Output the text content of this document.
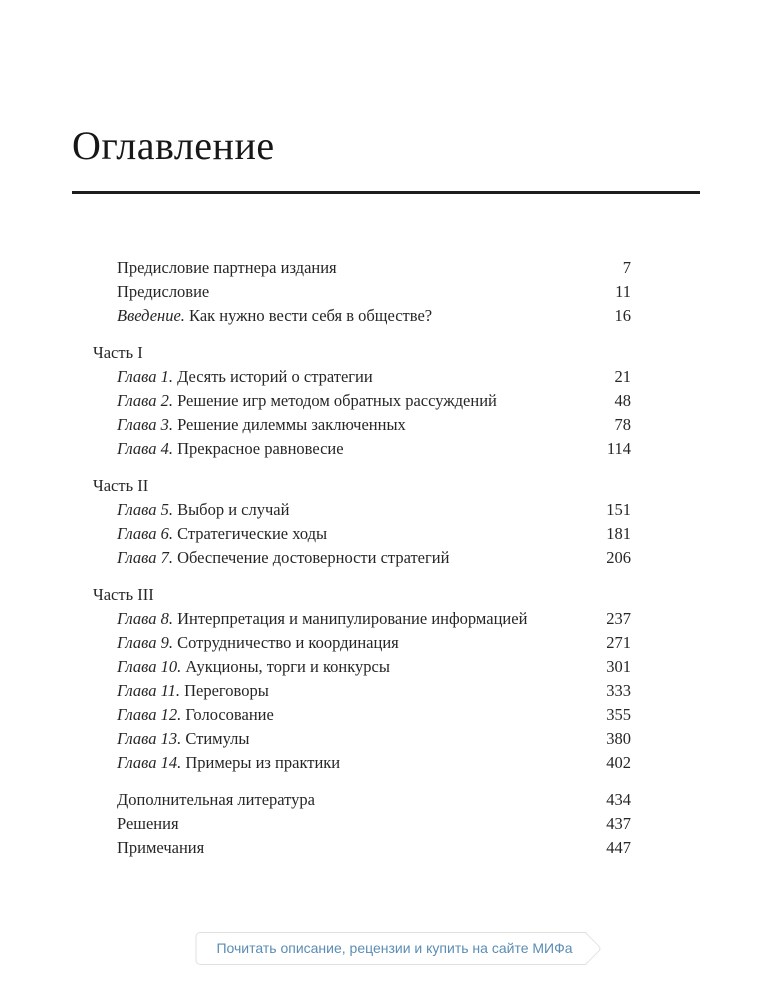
Оглавление
Предисловие партнера издания	7
Предисловие	11
Введение. Как нужно вести себя в обществе?	16
Часть I
Глава 1. Десять историй о стратегии	21
Глава 2. Решение игр методом обратных рассуждений	48
Глава 3. Решение дилеммы заключенных	78
Глава 4. Прекрасное равновесие	114
Часть II
Глава 5. Выбор и случай	151
Глава 6. Стратегические ходы	181
Глава 7. Обеспечение достоверности стратегий	206
Часть III
Глава 8. Интерпретация и манипулирование информацией	237
Глава 9. Сотрудничество и координация	271
Глава 10. Аукционы, торги и конкурсы	301
Глава 11. Переговоры	333
Глава 12. Голосование	355
Глава 13. Стимулы	380
Глава 14. Примеры из практики	402
Дополнительная литература	434
Решения	437
Примечания	447
Почитать описание, рецензии и купить на сайте МИФа
